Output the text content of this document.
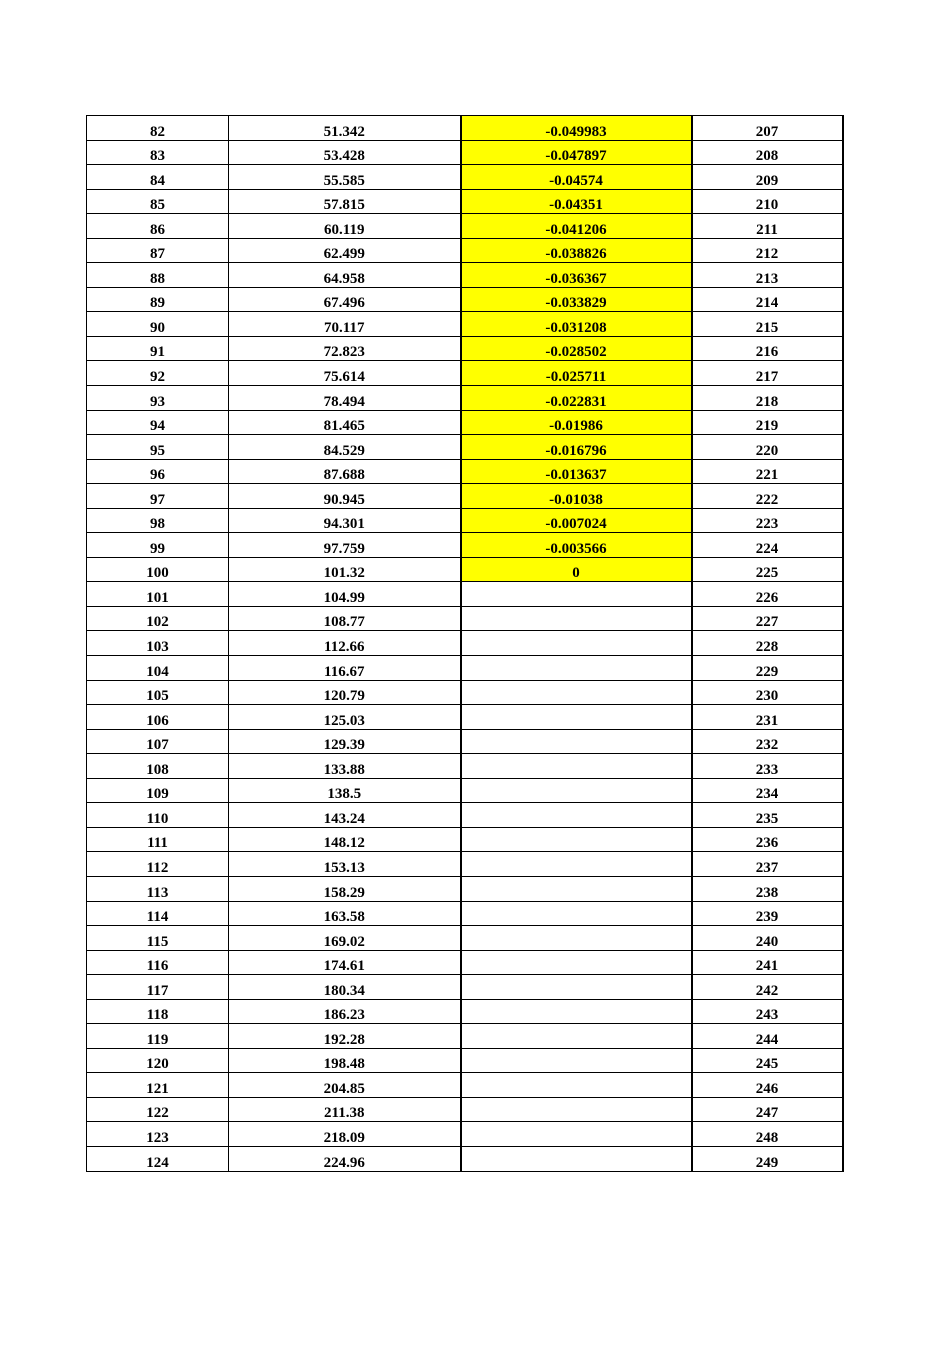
82	51.342	-0.049983	207
83	53.428	-0.047897	208
84	55.585	-0.04574	209
85	57.815	-0.04351	210
86	60.119	-0.041206	211
87	62.499	-0.038826	212
88	64.958	-0.036367	213
89	67.496	-0.033829	214
90	70.117	-0.031208	215
91	72.823	-0.028502	216
92	75.614	-0.025711	217
93	78.494	-0.022831	218
94	81.465	-0.01986	219
95	84.529	-0.016796	220
96	87.688	-0.013637	221
97	90.945	-0.01038	222
98	94.301	-0.007024	223
99	97.759	-0.003566	224
100	101.32	0	225
101	104.99		226
102	108.77		227
103	112.66		228
104	116.67		229
105	120.79		230
106	125.03		231
107	129.39		232
108	133.88		233
109	138.5		234
110	143.24		235
111	148.12		236
112	153.13		237
113	158.29		238
114	163.58		239
115	169.02		240
116	174.61		241
117	180.34		242
118	186.23		243
119	192.28		244
120	198.48		245
121	204.85		246
122	211.38		247
123	218.09		248
124	224.96		249
